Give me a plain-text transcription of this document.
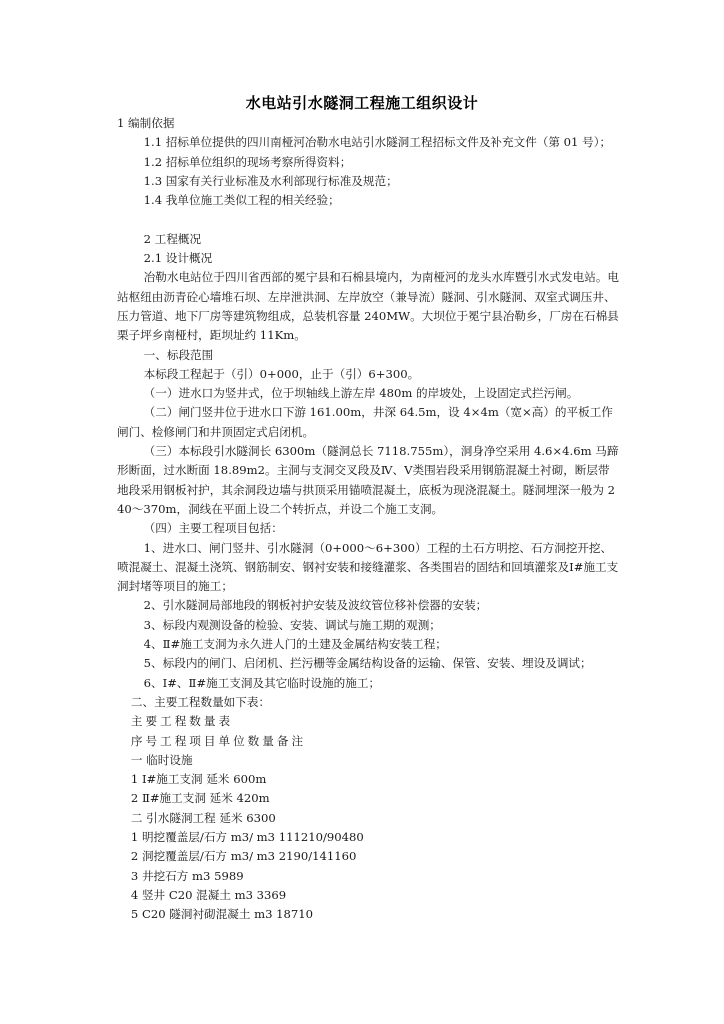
水电站引水隧洞工程施工组织设计

1 编制依据

1.1 招标单位提供的四川南桠河冶勒水电站引水隧洞工程招标文件及补充文件（第 01 号）；

1.2 招标单位组织的现场考察所得资料；

1.3 国家有关行业标准及水利部现行标准及规范；

1.4 我单位施工类似工程的相关经验；

2 工程概况

2.1 设计概况

冶勒水电站位于四川省西部的冕宁县和石棉县境内，为南桠河的龙头水库暨引水式发电站。电站枢纽由沥青砼心墙堆石坝、左岸泄洪洞、左岸放空（兼导流）隧洞、引水隧洞、双室式调压井、压力管道、地下厂房等建筑物组成，总装机容量 240MW。大坝位于冕宁县冶勒乡，厂房在石棉县栗子坪乡南桠村，距坝址约 11Km。

一、标段范围

本标段工程起于（引）0+000，止于（引）6+300。

（一）进水口为竖井式，位于坝轴线上游左岸 480m 的岸坡处，上设固定式拦污闸。

（二）闸门竖井位于进水口下游 161.00m，井深 64.5m，设 4×4m（宽×高）的平板工作闸门、检修闸门和井顶固定式启闭机。

（三）本标段引水隧洞长 6300m（隧洞总长 7118.755m），洞身净空采用 4.6×4.6m 马蹄形断面，过水断面 18.89m2。主洞与支洞交叉段及Ⅳ、Ⅴ类围岩段采用钢筋混凝土衬砌，断层带地段采用钢板衬护，其余洞段边墙与拱顶采用锚喷混凝土，底板为现浇混凝土。隧洞埋深一般为 240～370m，洞线在平面上设二个转折点，并设二个施工支洞。

（四）主要工程项目包括：

1、进水口、闸门竖井、引水隧洞（0+000～6+300）工程的土石方明挖、石方洞挖开挖、喷混凝土、混凝土浇筑、钢筋制安、钢衬安装和接缝灌浆、各类围岩的固结和回填灌浆及Ⅰ#施工支洞封堵等项目的施工；

2、引水隧洞局部地段的钢板衬护安装及波纹管位移补偿器的安装；

3、标段内观测设备的检验、安装、调试与施工期的观测；

4、Ⅱ#施工支洞为永久进人门的土建及金属结构安装工程；

5、标段内的闸门、启闭机、拦污栅等金属结构设备的运输、保管、安装、埋设及调试；

6、Ⅰ#、Ⅱ#施工支洞及其它临时设施的施工；

二、主要工程数量如下表：

主要工程数量表

序号工程项目单位数量备注

一 临时设施

1 Ⅰ#施工支洞 延米 600m

2 Ⅱ#施工支洞 延米 420m

二 引水隧洞工程 延米 6300

1 明挖覆盖层/石方 m3/ m3 111210/90480

2 洞挖覆盖层/石方 m3/ m3 2190/141160

3 井挖石方 m3 5989

4 竖井 C20 混凝土 m3 3369

5 C20 隧洞衬砌混凝土 m3 18710
